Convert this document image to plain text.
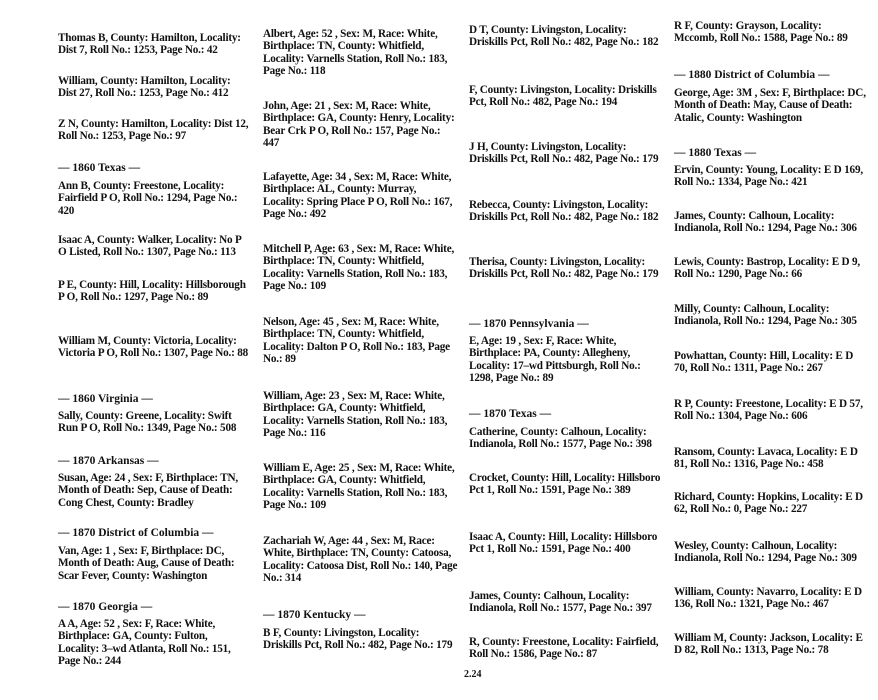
Thomas B, County: Hamilton, Locality: Dist 7, Roll No.: 1253, Page No.: 42
William, County: Hamilton, Locality: Dist 27, Roll No.: 1253, Page No.: 412
Z N, County: Hamilton, Locality: Dist 12, Roll No.: 1253, Page No.: 97
— 1860 Texas —
Ann B, County: Freestone, Locality: Fairfield P O, Roll No.: 1294, Page No.: 420
Isaac A, County: Walker, Locality: No P O Listed, Roll No.: 1307, Page No.: 113
P E, County: Hill, Locality: Hillsborough P O, Roll No.: 1297, Page No.: 89
William M, County: Victoria, Locality: Victoria P O, Roll No.: 1307, Page No.: 88
— 1860 Virginia —
Sally, County: Greene, Locality: Swift Run P O, Roll No.: 1349, Page No.: 508
— 1870 Arkansas —
Susan, Age: 24 , Sex: F, Birthplace: TN, Month of Death: Sep, Cause of Death: Cong Chest, County: Bradley
— 1870 District of Columbia —
Van, Age: 1 , Sex: F, Birthplace: DC, Month of Death: Aug, Cause of Death: Scar Fever, County: Washington
— 1870 Georgia —
A A, Age: 52 , Sex: F, Race: White, Birthplace: GA, County: Fulton, Locality: 3–wd Atlanta, Roll No.: 151, Page No.: 244
Albert, Age: 52 , Sex: M, Race: White, Birthplace: TN, County: Whitfield, Locality: Varnells Station, Roll No.: 183, Page No.: 118
John, Age: 21 , Sex: M, Race: White, Birthplace: GA, County: Henry, Locality: Bear Crk P O, Roll No.: 157, Page No.: 447
Lafayette, Age: 34 , Sex: M, Race: White, Birthplace: AL, County: Murray, Locality: Spring Place P O, Roll No.: 167, Page No.: 492
Mitchell P, Age: 63 , Sex: M, Race: White, Birthplace: TN, County: Whitfield, Locality: Varnells Station, Roll No.: 183, Page No.: 109
Nelson, Age: 45 , Sex: M, Race: White, Birthplace: TN, County: Whitfield, Locality: Dalton P O, Roll No.: 183, Page No.: 89
William, Age: 23 , Sex: M, Race: White, Birthplace: GA, County: Whitfield, Locality: Varnells Station, Roll No.: 183, Page No.: 116
William E, Age: 25 , Sex: M, Race: White, Birthplace: GA, County: Whitfield, Locality: Varnells Station, Roll No.: 183, Page No.: 109
Zachariah W, Age: 44 , Sex: M, Race: White, Birthplace: TN, County: Catoosa, Locality: Catoosa Dist, Roll No.: 140, Page No.: 314
— 1870 Kentucky —
B F, County: Livingston, Locality: Driskills Pct, Roll No.: 482, Page No.: 179
D T, County: Livingston, Locality: Driskills Pct, Roll No.: 482, Page No.: 182
F, County: Livingston, Locality: Driskills Pct, Roll No.: 482, Page No.: 194
J H, County: Livingston, Locality: Driskills Pct, Roll No.: 482, Page No.: 179
Rebecca, County: Livingston, Locality: Driskills Pct, Roll No.: 482, Page No.: 182
Therisa, County: Livingston, Locality: Driskills Pct, Roll No.: 482, Page No.: 179
— 1870 Pennsylvania —
E, Age: 19 , Sex: F, Race: White, Birthplace: PA, County: Allegheny, Locality: 17–wd Pittsburgh, Roll No.: 1298, Page No.: 89
— 1870 Texas —
Catherine, County: Calhoun, Locality: Indianola, Roll No.: 1577, Page No.: 398
Crocket, County: Hill, Locality: Hillsboro Pct 1, Roll No.: 1591, Page No.: 389
Isaac A, County: Hill, Locality: Hillsboro Pct 1, Roll No.: 1591, Page No.: 400
James, County: Calhoun, Locality: Indianola, Roll No.: 1577, Page No.: 397
R, County: Freestone, Locality: Fairfield, Roll No.: 1586, Page No.: 87
R F, County: Grayson, Locality: Mccomb, Roll No.: 1588, Page No.: 89
— 1880 District of Columbia —
George, Age: 3M , Sex: F, Birthplace: DC, Month of Death: May, Cause of Death: Atalic, County: Washington
— 1880 Texas —
Ervin, County: Young, Locality: E D 169, Roll No.: 1334, Page No.: 421
James, County: Calhoun, Locality: Indianola, Roll No.: 1294, Page No.: 306
Lewis, County: Bastrop, Locality: E D 9, Roll No.: 1290, Page No.: 66
Milly, County: Calhoun, Locality: Indianola, Roll No.: 1294, Page No.: 305
Powhattan, County: Hill, Locality: E D 70, Roll No.: 1311, Page No.: 267
R P, County: Freestone, Locality: E D 57, Roll No.: 1304, Page No.: 606
Ransom, County: Lavaca, Locality: E D 81, Roll No.: 1316, Page No.: 458
Richard, County: Hopkins, Locality: E D 62, Roll No.: 0, Page No.: 227
Wesley, County: Calhoun, Locality: Indianola, Roll No.: 1294, Page No.: 309
William, County: Navarro, Locality: E D 136, Roll No.: 1321, Page No.: 467
William M, County: Jackson, Locality: E D 82, Roll No.: 1313, Page No.: 78
2.24
